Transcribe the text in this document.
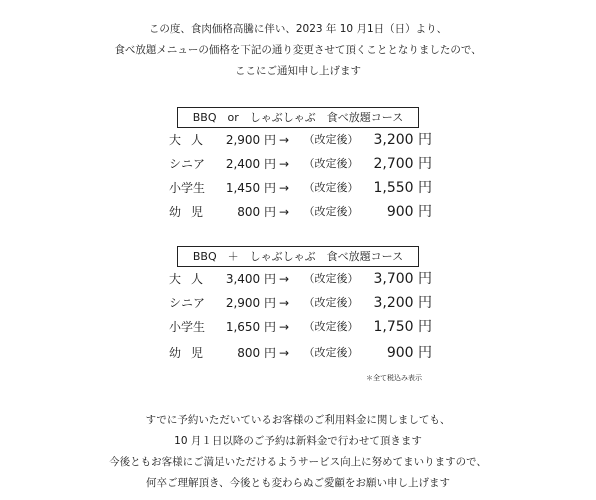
この度、食肉価格高騰に伴い、2023 年 10 月1日（日）より、
食べ放題メニューの価格を下記の通り変更させて頂くこととなりましたので、
ここにご通知申し上げます
BBQ　or　しゃぶしゃぶ　食べ放題コース
大人	2,900 円 → （改定後）	3,200 円
シニア	2,400 円 → （改定後）	2,700 円
小学生	1,450 円 → （改定後）	1,550 円
幼児	800 円 → （改定後）	900 円
BBQ　＋　しゃぶしゃぶ　食べ放題コース
大人	3,400 円 → （改定後）	3,700 円
シニア	2,900 円 → （改定後）	3,200 円
小学生	1,650 円 → （改定後）	1,750 円
幼児	800 円 → （改定後）	900 円
＊全て税込み表示
すでに予約いただいているお客様のご利用料金に関しましても、
10 月１日以降のご予約は新料金で行わせて頂きます
今後ともお客様にご満足いただけるようサービス向上に努めてまいりますので、
何卒ご理解頂き、今後とも変わらぬご愛顧をお願い申し上げます
